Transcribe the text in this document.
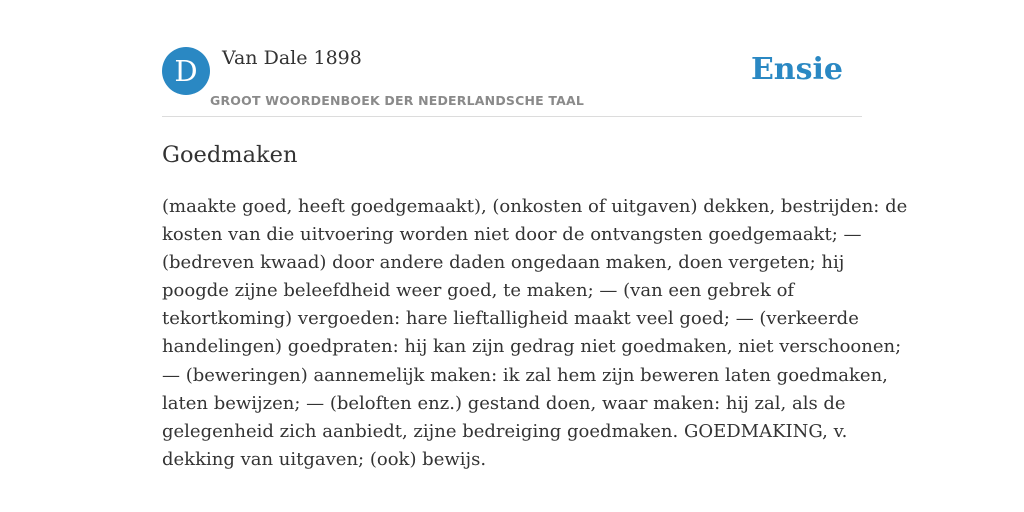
D	Van Dale 1898
GROOT WOORDENBOEK DER NEDERLANDSCHE TAAL
Ensie
Goedmaken
(maakte goed, heeft goedgemaakt), (onkosten of uitgaven) dekken, bestrijden: de
kosten van die uitvoering worden niet door de ontvangsten goedgemaakt; —
(bedreven kwaad) door andere daden ongedaan maken, doen vergeten; hij
poogde zijne beleefdheid weer goed, te maken; — (van een gebrek of
tekortkoming) vergoeden: hare lieftalligheid maakt veel goed; — (verkeerde
handelingen) goedpraten: hij kan zijn gedrag niet goedmaken, niet verschoonen;
— (beweringen) aannemelijk maken: ik zal hem zijn beweren laten goedmaken,
laten bewijzen; — (beloften enz.) gestand doen, waar maken: hij zal, als de
gelegenheid zich aanbiedt, zijne bedreiging goedmaken. GOEDMAKING, v.
dekking van uitgaven; (ook) bewijs.
